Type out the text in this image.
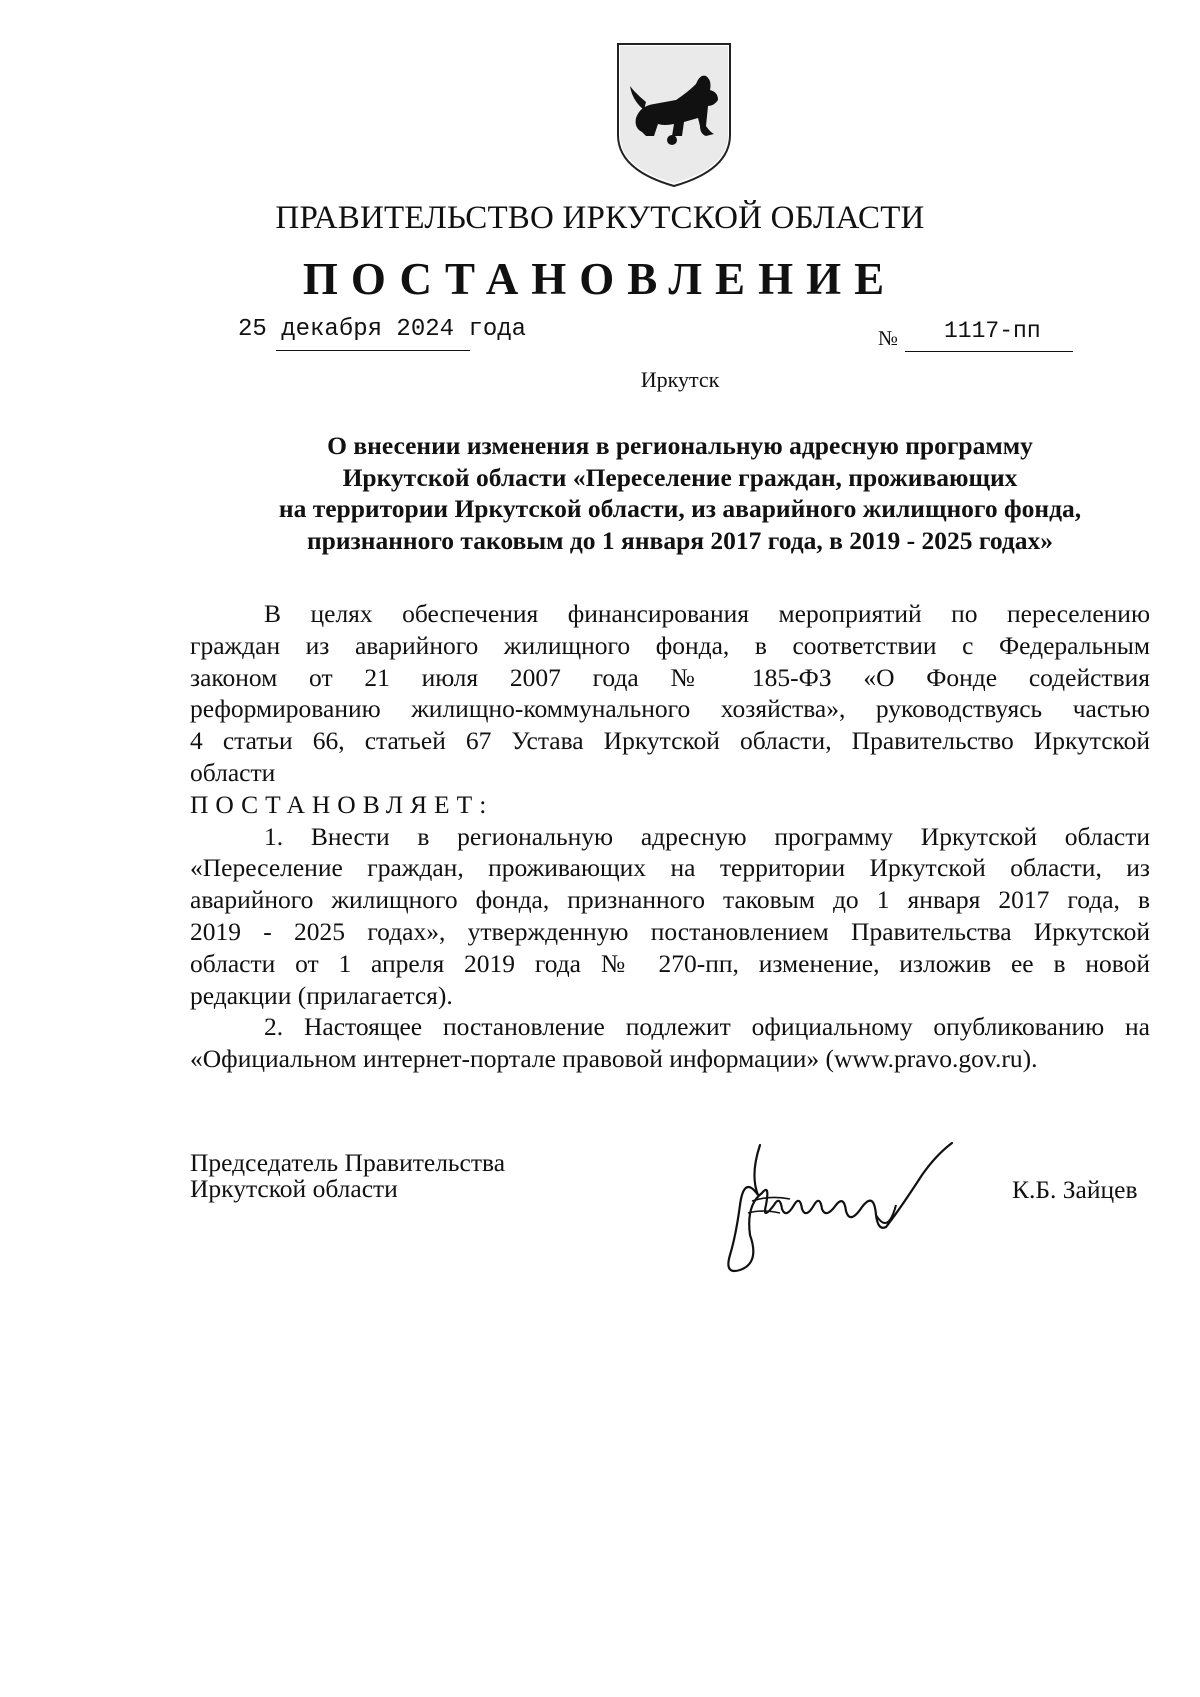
ПРАВИТЕЛЬСТВО ИРКУТСКОЙ ОБЛАСТИ
ПОСТАНОВЛЕНИЕ
25 декабря 2024 года	№ 1117-пп
Иркутск
О внесении изменения в региональную адресную программу
Иркутской области «Переселение граждан, проживающих
на территории Иркутской области, из аварийного жилищного фонда,
признанного таковым до 1 января 2017 года, в 2019 - 2025 годах»
В целях обеспечения финансирования мероприятий по переселению
граждан из аварийного жилищного фонда, в соответствии с Федеральным
законом от 21 июля 2007 года № 185-ФЗ «О Фонде содействия
реформированию жилищно-коммунального хозяйства», руководствуясь частью
4 статьи 66, статьей 67 Устава Иркутской области, Правительство Иркутской
области
ПОСТАНОВЛЯЕТ:
1. Внести в региональную адресную программу Иркутской области
«Переселение граждан, проживающих на территории Иркутской области, из
аварийного жилищного фонда, признанного таковым до 1 января 2017 года, в
2019 - 2025 годах», утвержденную постановлением Правительства Иркутской
области от 1 апреля 2019 года № 270-пп, изменение, изложив ее в новой
редакции (прилагается).
2. Настоящее постановление подлежит официальному опубликованию на
«Официальном интернет-портале правовой информации» (www.pravo.gov.ru).
Председатель Правительства
Иркутской области	К.Б. Зайцев
